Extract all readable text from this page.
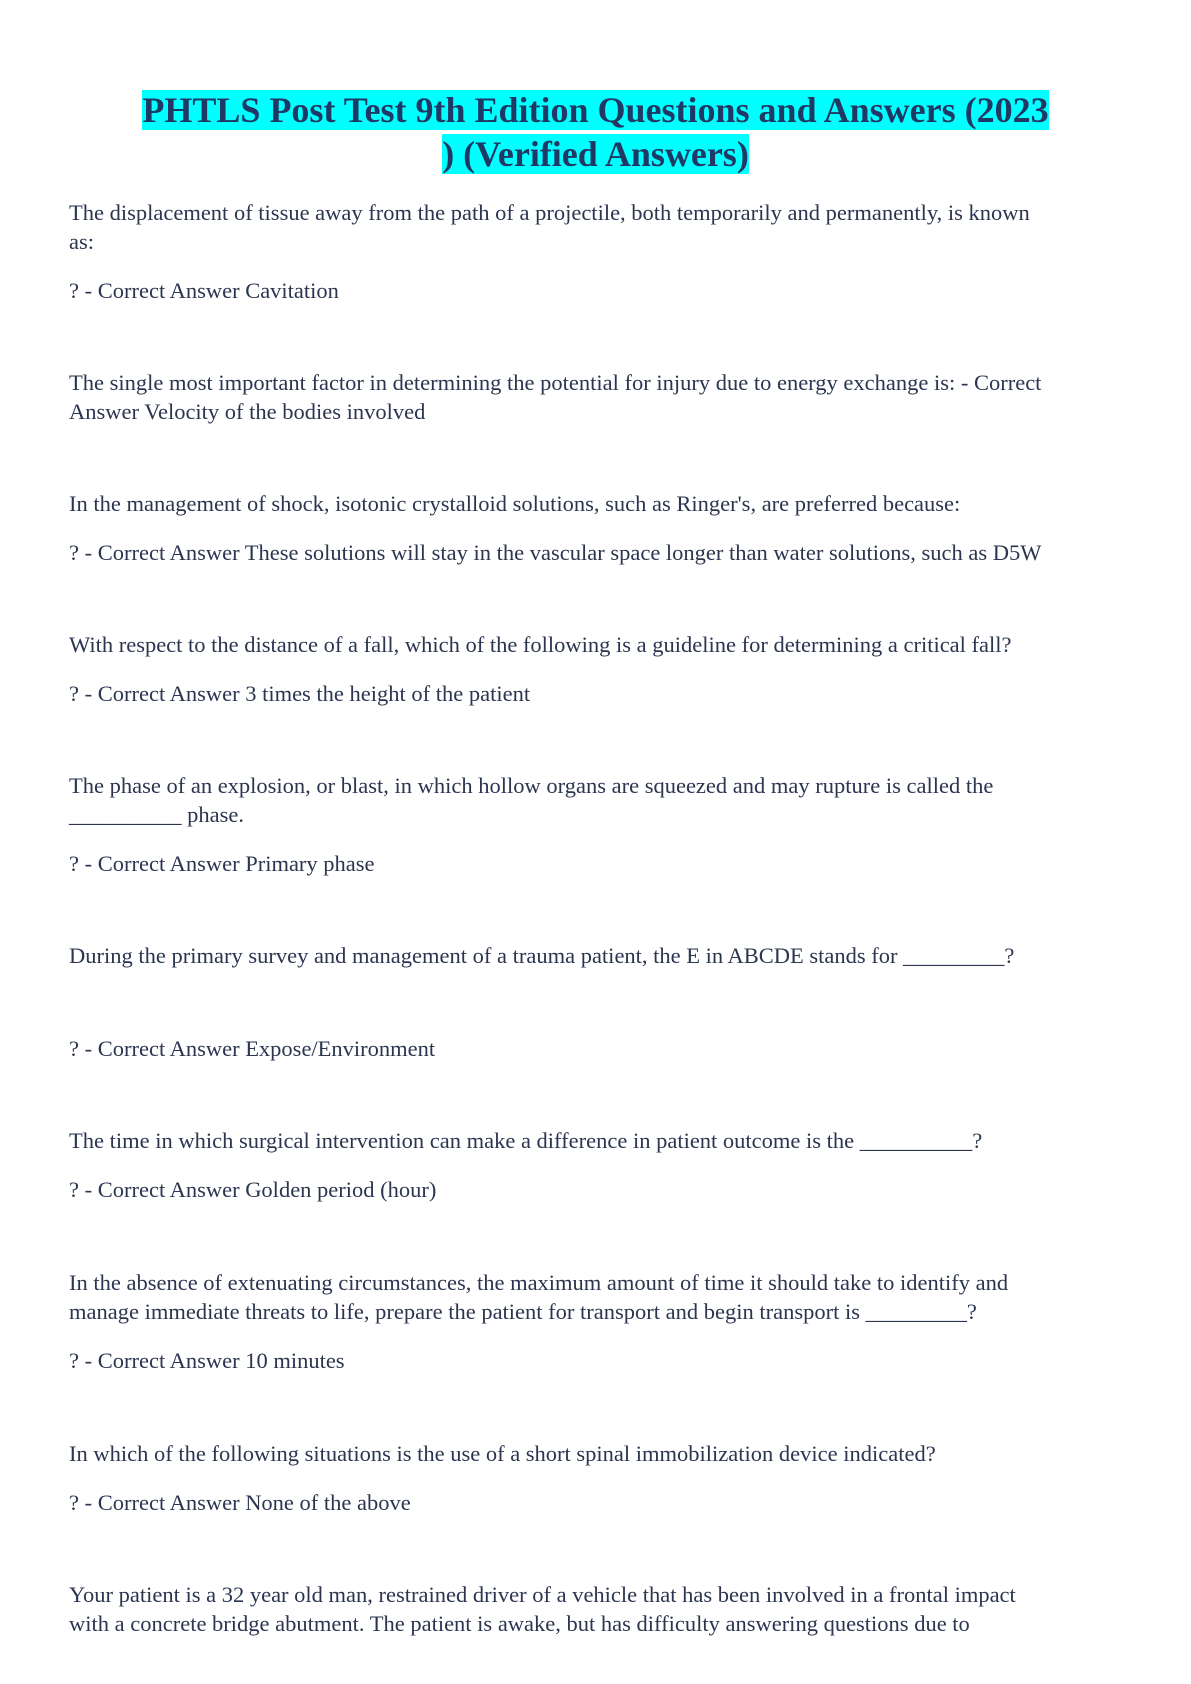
PHTLS Post Test 9th Edition Questions and Answers (2023
) (Verified Answers)

The displacement of tissue away from the path of a projectile, both temporarily and permanently, is known

as:

? - Correct Answer Cavitation

The single most important factor in determining the potential for injury due to energy exchange is: - Correct

Answer Velocity of the bodies involved

In the management of shock, isotonic crystalloid solutions, such as Ringer's, are preferred because:

? - Correct Answer These solutions will stay in the vascular space longer than water solutions, such as D5W

With respect to the distance of a fall, which of the following is a guideline for determining a critical fall?

? - Correct Answer 3 times the height of the patient

The phase of an explosion, or blast, in which hollow organs are squeezed and may rupture is called the

__________ phase.

? - Correct Answer Primary phase

During the primary survey and management of a trauma patient, the E in ABCDE stands for _________?

? - Correct Answer Expose/Environment

The time in which surgical intervention can make a difference in patient outcome is the __________?

? - Correct Answer Golden period (hour)

In the absence of extenuating circumstances, the maximum amount of time it should take to identify and

manage immediate threats to life, prepare the patient for transport and begin transport is _________?

? - Correct Answer 10 minutes

In which of the following situations is the use of a short spinal immobilization device indicated?

? - Correct Answer None of the above

Your patient is a 32 year old man, restrained driver of a vehicle that has been involved in a frontal impact

with a concrete bridge abutment. The patient is awake, but has difficulty answering questions due to
